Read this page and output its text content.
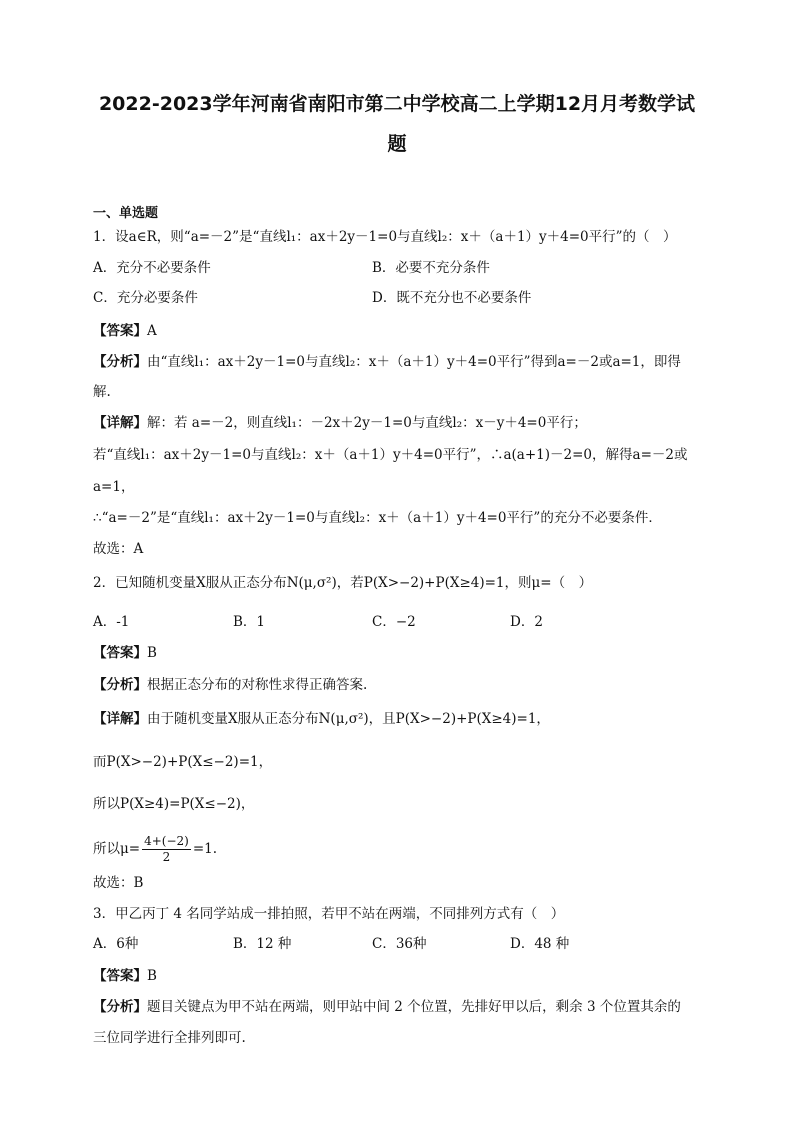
2022-2023学年河南省南阳市第二中学校高二上学期12月月考数学试
题
一、单选题
1．设a∈R，则“a=－2”是“直线l₁：ax＋2y－1=0与直线l₂：x＋（a＋1）y＋4=0平行”的（　）
A．充分不必要条件	B．必要不充分条件
C．充分必要条件	D．既不充分也不必要条件
【答案】A
【分析】由“直线l₁：ax＋2y－1=0与直线l₂：x＋（a＋1）y＋4=0平行”得到a=－2或a=1，即得
解.
【详解】解：若 a=－2，则直线l₁：－2x＋2y－1=0与直线l₂：x－y＋4=0平行；
若“直线l₁：ax＋2y－1=0与直线l₂：x＋（a＋1）y＋4=0平行”，∴a(a+1)－2=0，解得a=－2或
a=1，
∴“a=－2”是“直线l₁：ax＋2y－1=0与直线l₂：x＋（a＋1）y＋4=0平行”的充分不必要条件．
故选：A
2．已知随机变量X服从正态分布N(μ,σ²)，若P(X>−2)+P(X≥4)=1，则μ=（　）
A．-1	B．1	C．−2	D．2
【答案】B
【分析】根据正态分布的对称性求得正确答案.
【详解】由于随机变量X服从正态分布N(μ,σ²)，且P(X>−2)+P(X≥4)=1，
而P(X>−2)+P(X≤−2)=1，
所以P(X≥4)=P(X≤−2)，
所以$\mu= \frac{4+(-2)}{2} =1$.
故选：B
3．甲乙丙丁 4 名同学站成一排拍照，若甲不站在两端，不同排列方式有（　）
A．6种	B．12 种	C．36种	D．48 种
【答案】B
【分析】题目关键点为甲不站在两端，则甲站中间 2 个位置，先排好甲以后，剩余 3 个位置其余的
三位同学进行全排列即可.
